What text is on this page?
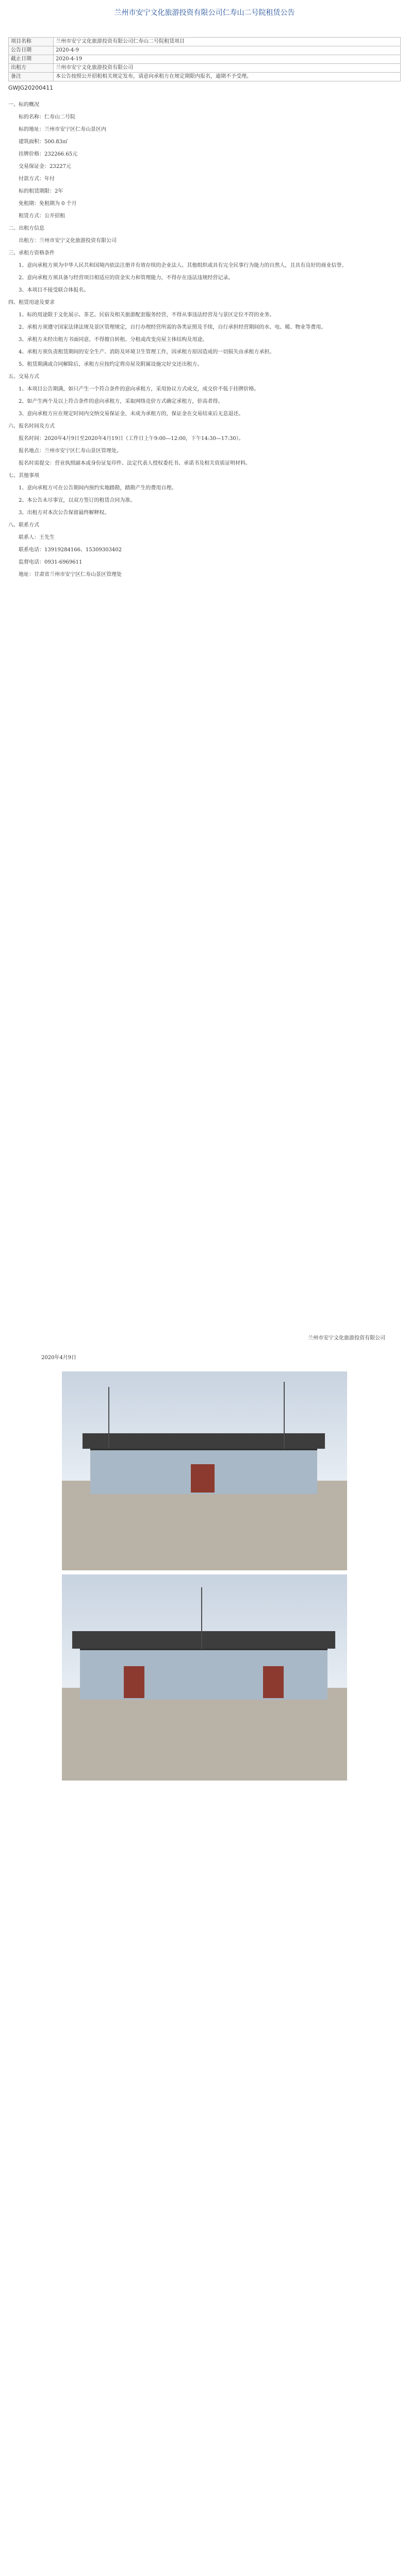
兰州市安宁文化旅游投资有限公司仁寿山二号院租赁公告
项目名称	兰州市安宁文化旅游投资有限公司仁寿山二号院租赁项目
公告日期	2020-4-9
截止日期	2020-4-19
出租方	兰州市安宁文化旅游投资有限公司
备注	本公告按照公开招租相关规定发布，请意向承租方在规定期限内报名，逾期不予受理。
GWJG20200411

一、标的概况

标的名称：仁寿山二号院

标的地址：兰州市安宁区仁寿山景区内

建筑面积：500.83㎡

挂牌价格：232266.65元

交易保证金：23227元

付款方式：年付

标的租赁期限：2年

免租期：免租期为 0 个月

租赁方式：公开招租

二、出租方信息

出租方：兰州市安宁文化旅游投资有限公司

三、承租方资格条件

1、意向承租方须为中华人民共和国境内依法注册并有效存续的企业法人、其他组织或具有完全民事行为能力的自然人，且具有良好的商业信誉。

2、意向承租方须具备与经营项目相适应的资金实力和管理能力，不得存在违法违规经营记录。

3、本项目不接受联合体报名。

四、租赁用途及要求

1、标的用途限于文化展示、茶艺、民宿及相关旅游配套服务经营，不得从事违法经营及与景区定位不符的业务。

2、承租方须遵守国家法律法规及景区管理规定，自行办理经营所需的各类证照及手续，自行承担经营期间的水、电、暖、物业等费用。

3、承租方未经出租方书面同意，不得擅自转租、分租或改变房屋主体结构及用途。

4、承租方须负责租赁期间的安全生产、消防及环境卫生管理工作，因承租方原因造成的一切损失由承租方承担。

5、租赁期满或合同解除后，承租方应按约定将房屋及附属设施完好交还出租方。

五、交易方式

1、本项目公告期满，如只产生一个符合条件的意向承租方，采用协议方式成交，成交价不低于挂牌价格。

2、如产生两个及以上符合条件的意向承租方，采取网络竞价方式确定承租方，价高者得。

3、意向承租方应在规定时间内交纳交易保证金，未成为承租方的，保证金在交易结束后无息退还。

六、报名时间及方式

报名时间：2020年4月9日至2020年4月19日（工作日上午9:00—12:00，下午14:30—17:30）。

报名地点：兰州市安宁区仁寿山景区管理处。

报名时需提交：营业执照副本或身份证复印件、法定代表人授权委托书、承诺书及相关资质证明材料。

七、其他事项

1、意向承租方可在公告期间内预约实地踏勘，踏勘产生的费用自理。

2、本公告未尽事宜，以双方签订的租赁合同为准。

3、出租方对本次公告保留最终解释权。

八、联系方式

联系人：王先生

联系电话：13919284166、15309303402

监督电话：0931-6969611

地址：甘肃省兰州市安宁区仁寿山景区管理处

兰州市安宁文化旅游投资有限公司
2020年4月9日
